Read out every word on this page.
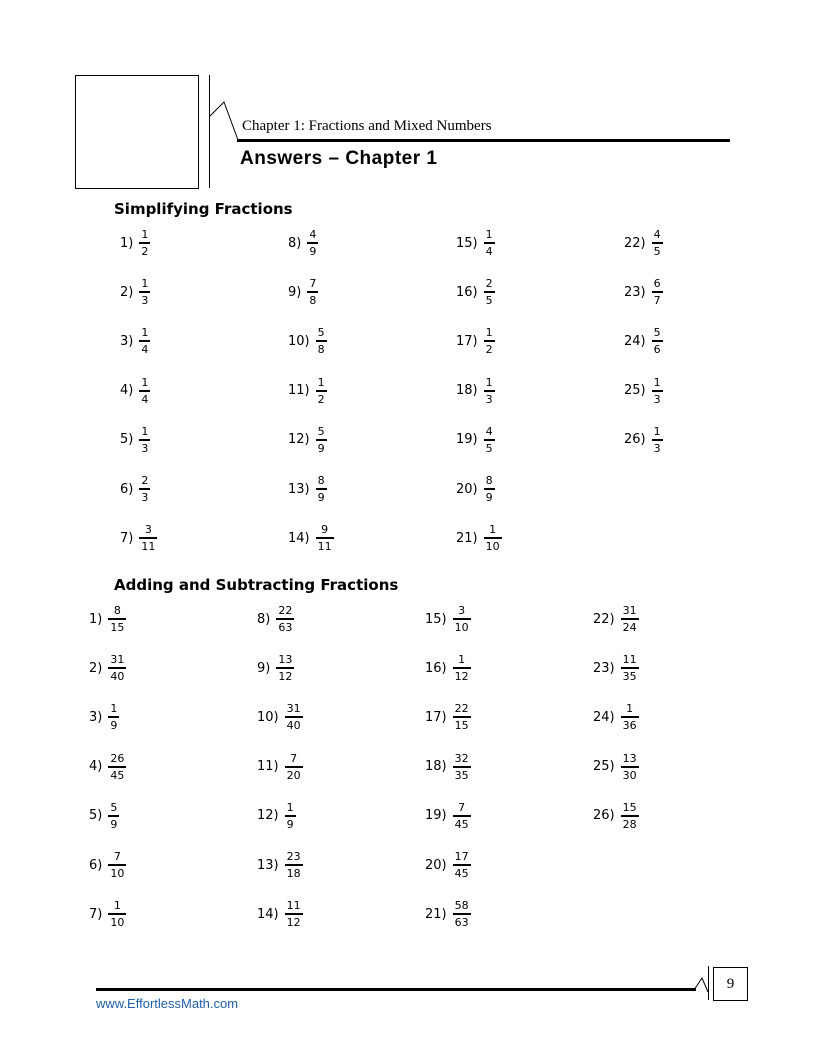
Chapter 1: Fractions and Mixed Numbers
Answers – Chapter 1
Simplifying Fractions
$1) \frac{1}{2}$
$2) \frac{1}{3}$
$3) \frac{1}{4}$
$4) \frac{1}{4}$
$5) \frac{1}{3}$
$6) \frac{2}{3}$
$7) \frac{3}{11}$
$8) \frac{4}{9}$
$9) \frac{7}{8}$
$10) \frac{5}{8}$
$11) \frac{1}{2}$
$12) \frac{5}{9}$
$13) \frac{8}{9}$
$14) \frac{9}{11}$
$15) \frac{1}{4}$
$16) \frac{2}{5}$
$17) \frac{1}{2}$
$18) \frac{1}{3}$
$19) \frac{4}{5}$
$20) \frac{8}{9}$
$21) \frac{1}{10}$
$22) \frac{4}{5}$
$23) \frac{6}{7}$
$24) \frac{5}{6}$
$25) \frac{1}{3}$
$26) \frac{1}{3}$
Adding and Subtracting Fractions
$1) \frac{8}{15}$
$2) \frac{31}{40}$
$3) \frac{1}{9}$
$4) \frac{26}{45}$
$5) \frac{5}{9}$
$6) \frac{7}{10}$
$7) \frac{1}{10}$
$8) \frac{22}{63}$
$9) \frac{13}{12}$
$10) \frac{31}{40}$
$11) \frac{7}{20}$
$12) \frac{1}{9}$
$13) \frac{23}{18}$
$14) \frac{11}{12}$
$15) \frac{3}{10}$
$16) \frac{1}{12}$
$17) \frac{22}{15}$
$18) \frac{32}{35}$
$19) \frac{7}{45}$
$20) \frac{17}{45}$
$21) \frac{58}{63}$
$22) \frac{31}{24}$
$23) \frac{11}{35}$
$24) \frac{1}{36}$
$25) \frac{13}{30}$
$26) \frac{15}{28}$
9
www.EffortlessMath.com
